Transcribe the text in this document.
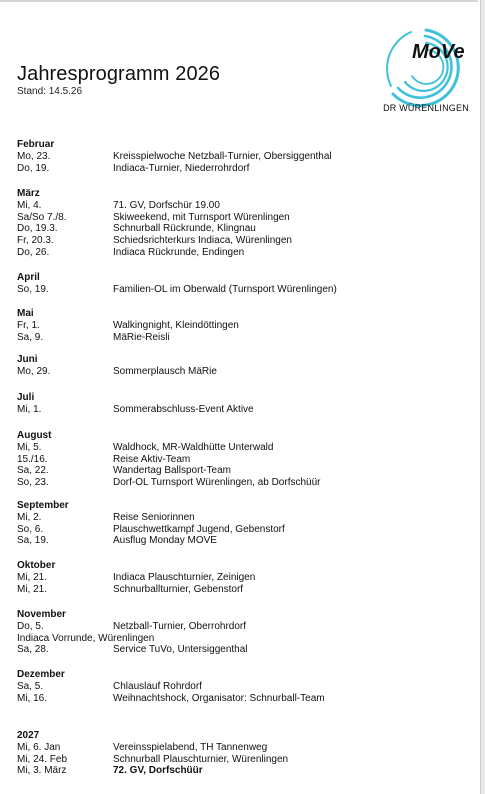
Jahresprogramm 2026
Stand: 14.5.26
MoVe
DR WÜRENLINGEN
Februar
Mo, 23.	Kreisspielwoche Netzball-Turnier, Obersiggenthal
Do, 19.	Indiaca-Turnier, Niederrohrdorf
März
Mi, 4.	71. GV, Dorfschür 19.00
Sa/So 7./8.	Skiweekend, mit Turnsport Würenlingen
Do, 19.3.	Schnurball Rückrunde, Klingnau
Fr, 20.3.	Schiedsrichterkurs Indiaca, Würenlingen
Do, 26.	Indiaca Rückrunde, Endingen
April
So, 19.	Familien-OL im Oberwald (Turnsport Würenlingen)
Mai
Fr, 1.	Walkingnight, Kleindöttingen
Sa, 9.	MäRie-Reisli
Juni
Mo, 29.	Sommerplausch MäRie
Juli
Mi, 1.	Sommerabschluss-Event Aktive
August
Mi, 5.	Waldhock, MR-Waldhütte Unterwald
15./16.	Reise Aktiv-Team
Sa, 22.	Wandertag Ballsport-Team
So, 23.	Dorf-OL Turnsport Würenlingen, ab Dorfschüür
September
Mi, 2.	Reise Seniorinnen
So, 6.	Plauschwettkampf Jugend, Gebenstorf
Sa, 19.	Ausflug Monday MOVE
Oktober
Mi, 21.	Indiaca Plauschturnier, Zeinigen
Mi, 21.	Schnurballturnier, Gebenstorf
November
Do, 5.	Netzball-Turnier, Oberrohrdorf
Indiaca Vorrunde, Würenlingen
Sa, 28.	Service TuVo, Untersiggenthal
Dezember
Sa, 5.	Chlauslauf Rohrdorf
Mi, 16.	Weihnachtshock, Organisator: Schnurball-Team
2027
Mi, 6. Jan	Vereinsspielabend, TH Tannenweg
Mi, 24. Feb	Schnurball Plauschturnier, Würenlingen
Mi, 3. März	72. GV, Dorfschüür
